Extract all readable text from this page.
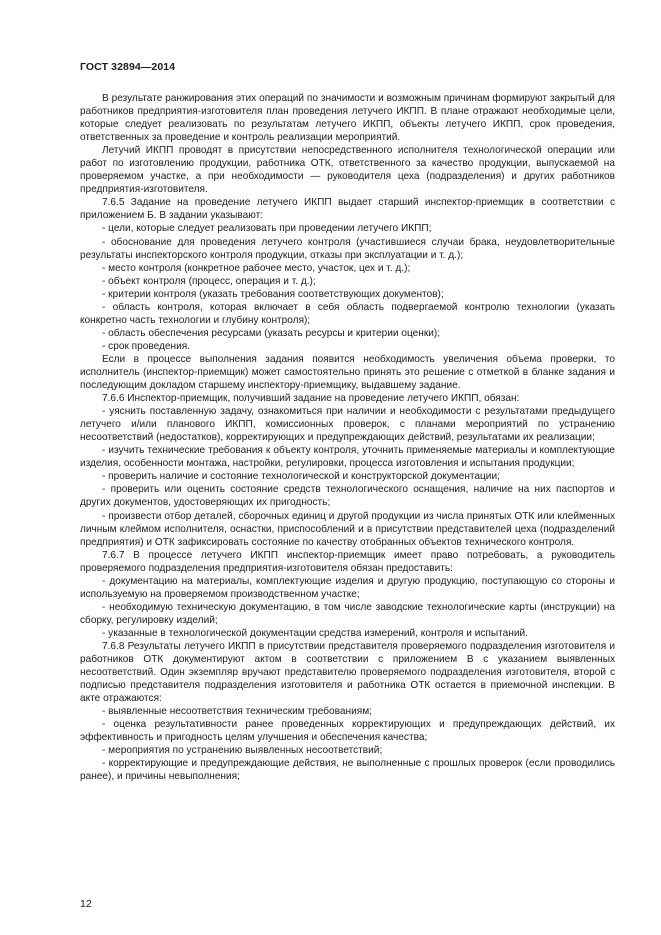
ГОСТ 32894—2014

В результате ранжирования этих операций по значимости и возможным причинам формируют закрытый для работников предприятия-изготовителя план проведения летучего ИКПП. В плане отражают необходимые цели, которые следует реализовать по результатам летучего ИКПП, объекты летучего ИКПП, срок проведения, ответственных за проведение и контроль реализации мероприятий.

Летучий ИКПП проводят в присутствии непосредственного исполнителя технологической операции или работ по изготовлению продукции, работника ОТК, ответственного за качество продукции, выпускаемой на проверяемом участке, а при необходимости — руководителя цеха (подразделения) и других работников предприятия-изготовителя.

7.6.5 Задание на проведение летучего ИКПП выдает старший инспектор-приемщик в соответствии с приложением Б. В задании указывают:

- цели, которые следует реализовать при проведении летучего ИКПП;

- обоснование для проведения летучего контроля (участившиеся случаи брака, неудовлетворительные результаты инспекторского контроля продукции, отказы при эксплуатации и т. д.);

- место контроля (конкретное рабочее место, участок, цех и т. д.);

- объект контроля (процесс, операция и т. д.);

- критерии контроля (указать требования соответствующих документов);

- область контроля, которая включает в себя область подвергаемой контролю технологии (указать конкретно часть технологии и глубину контроля);

- область обеспечения ресурсами (указать ресурсы и критерии оценки);

- срок проведения.

Если в процессе выполнения задания появится необходимость увеличения объема проверки, то исполнитель (инспектор-приемщик) может самостоятельно принять это решение с отметкой в бланке задания и последующим докладом старшему инспектору-приемщику, выдавшему задание.

7.6.6 Инспектор-приемщик, получивший задание на проведение летучего ИКПП, обязан:

- уяснить поставленную задачу, ознакомиться при наличии и необходимости с результатами предыдущего летучего и/или планового ИКПП, комиссионных проверок, с планами мероприятий по устранению несоответствий (недостатков), корректирующих и предупреждающих действий, результатами их реализации;

- изучить технические требования к объекту контроля, уточнить применяемые материалы и комплектующие изделия, особенности монтажа, настройки, регулировки, процесса изготовления и испытания продукции;

- проверить наличие и состояние технологической и конструкторской документации;

- проверить или оценить состояние средств технологического оснащения, наличие на них паспортов и других документов, удостоверяющих их пригодность;

- произвести отбор деталей, сборочных единиц и другой продукции из числа принятых ОТК или клейменных личным клеймом исполнителя, оснастки, приспособлений и в присутствии представителей цеха (подразделений предприятия) и ОТК зафиксировать состояние по качеству отобранных объектов технического контроля.

7.6.7 В процессе летучего ИКПП инспектор-приемщик имеет право потребовать, а руководитель проверяемого подразделения предприятия-изготовителя обязан предоставить:

- документацию на материалы, комплектующие изделия и другую продукцию, поступающую со стороны и используемую на проверяемом производственном участке;

- необходимую техническую документацию, в том числе заводские технологические карты (инструкции) на сборку, регулировку изделий;

- указанные в технологической документации средства измерений, контроля и испытаний.

7.6.8 Результаты летучего ИКПП в присутствии представителя проверяемого подразделения изготовителя и работников ОТК документируют актом в соответствии с приложением В с указанием выявленных несоответствий. Один экземпляр вручают представителю проверяемого подразделения изготовителя, второй с подписью представителя подразделения изготовителя и работника ОТК остается в приемочной инспекции. В акте отражаются:

- выявленные несоответствия техническим требованиям;

- оценка результативности ранее проведенных корректирующих и предупреждающих действий, их эффективность и пригодность целям улучшения и обеспечения качества;

- мероприятия по устранению выявленных несоответствий;

- корректирующие и предупреждающие действия, не выполненные с прошлых проверок (если проводились ранее), и причины невыполнения;

12
